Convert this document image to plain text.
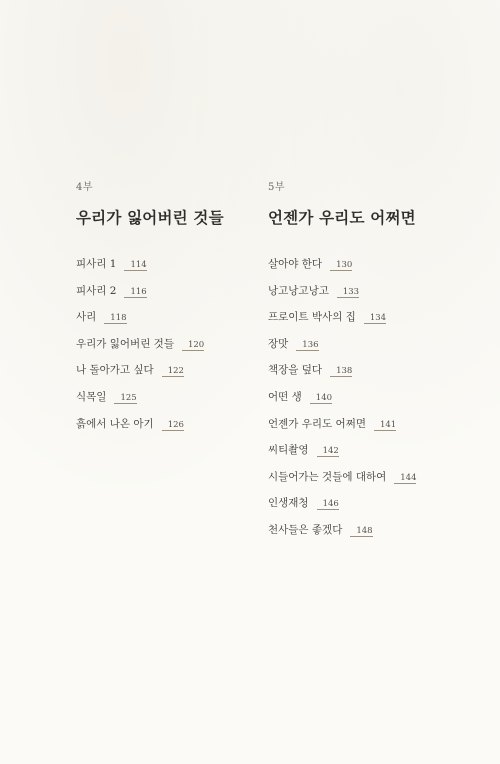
4부

우리가 잃어버린 것들
피사리 1	114
피사리 2	116
사리	118
우리가 잃어버린 것들	120
나 돌아가고 싶다	122
식목일	125
흙에서 나온 아기	126

5부

언젠가 우리도 어쩌면
살아야 한다	130
낭고낭고낭고	133
프로이트 박사의 집	134
장맛	136
책장을 덮다	138
어떤 생	140
언젠가 우리도 어쩌면	141
씨티촬영	142
시들어가는 것들에 대하여	144
인생재청	146
천사들은 좋겠다	148
